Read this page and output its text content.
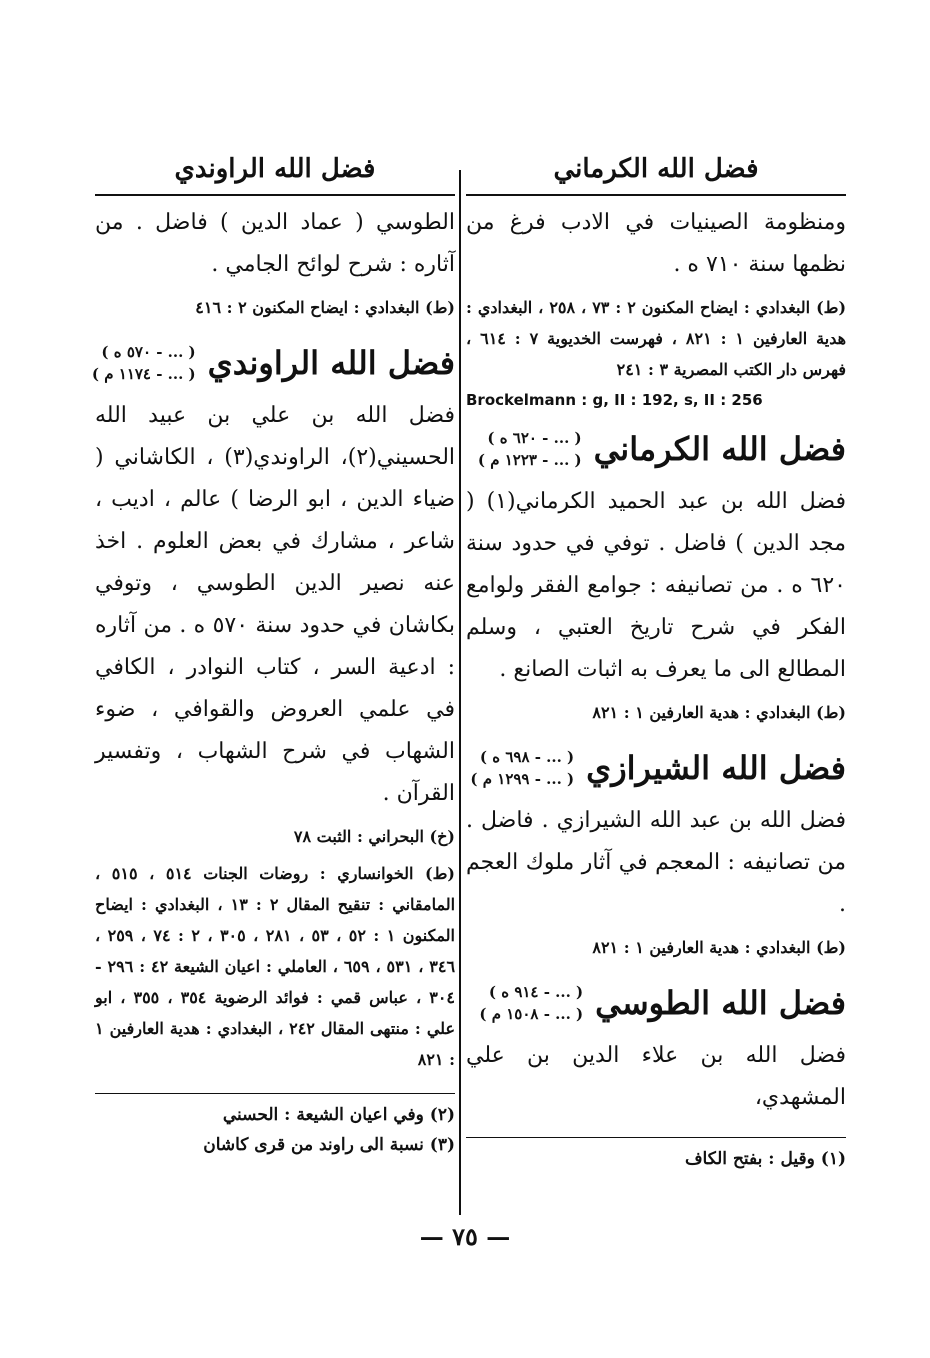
فضل الله الكرماني

ومنظومة الصينيات في الادب فرغ من نظمها سنة ٧١٠ ه .

(ط) البغدادي : ايضاح المكنون ٢ : ٧٣ ، ٢٥٨ ، البغدادي : هدية العارفين ١ : ٨٢١ ، فهرست الخديوية ٧ : ٦١٤ ، فهرس دار الكتب المصرية ٣ : ٢٤١

Brockelmann : g, II : 192, s, II : 256
فضل الله الكرماني
( ... - ٦٢٠ ه )
( ... - ١٢٢٣ م )

فضل الله بن عبد الحميد الكرماني(١) ( مجد الدين ) فاضل . توفي في حدود سنة ٦٢٠ ه . من تصانيفه : جوامع الفقر ولوامع الفكر في شرح تاريخ العتبي ، وسلم المطالع الى ما يعرف به اثبات الصانع .

(ط) البغدادي : هدية العارفين ١ : ٨٢١

فضل الله الشيرازي
( ... - ٦٩٨ ه )
( ... - ١٢٩٩ م )

فضل الله بن عبد الله الشيرازي . فاضل . من تصانيفه : المعجم في آثار ملوك العجم .

(ط) البغدادي : هدية العارفين ١ : ٨٢١

فضل الله الطوسي
( ... - ٩١٤ ه )
( ... - ١٥٠٨ م )

فضل الله بن علاء الدين بن علي المشهدي،

(١) وقيل : بفتح الكاف

فضل الله الراوندي

الطوسي ( عماد الدين ) فاضل . من آثاره : شرح لوائح الجامي .

(ط) البغدادي : ايضاح المكنون ٢ : ٤١٦

فضل الله الراوندي
( ... - ٥٧٠ ه )
( ... - ١١٧٤ م )

فضل الله بن علي بن عبيد الله الحسيني(٢)، الراوندي(٣) ، الكاشاني ( ضياء الدين ، ابو الرضا ) عالم ، اديب ، شاعر ، مشارك في بعض العلوم . اخذ عنه نصير الدين الطوسي ، وتوفي بكاشان في حدود سنة ٥٧٠ ه . من آثاره : ادعية السر ، كتاب النوادر ، الكافي في علمي العروض والقوافي ، ضوء الشهاب في شرح الشهاب ، وتفسير القرآن .

(خ) البحراني : الثبت ٧٨

(ط) الخوانساري : روضات الجنات ٥١٤ ، ٥١٥ ، المامقاني : تنقيح المقال ٢ : ١٣ ، البغدادي : ايضاح المكنون ١ : ٥٢ ، ٥٣ ، ٢٨١ ، ٣٠٥ ، ٢ : ٧٤ ، ٢٥٩ ، ٣٤٦ ، ٥٣١ ، ٦٥٩ ، العاملي : اعيان الشيعة ٤٢ : ٢٩٦ - ٣٠٤ ، عباس قمي : فوائد الرضوية ٣٥٤ ، ٣٥٥ ، ابو علي : منتهى المقال ٢٤٢ ، البغدادي : هدية العارفين ١ : ٨٢١

(٢) وفي اعيان الشيعة : الحسني

(٣) نسبة الى راوند من قرى كاشان

— ٧٥ —
